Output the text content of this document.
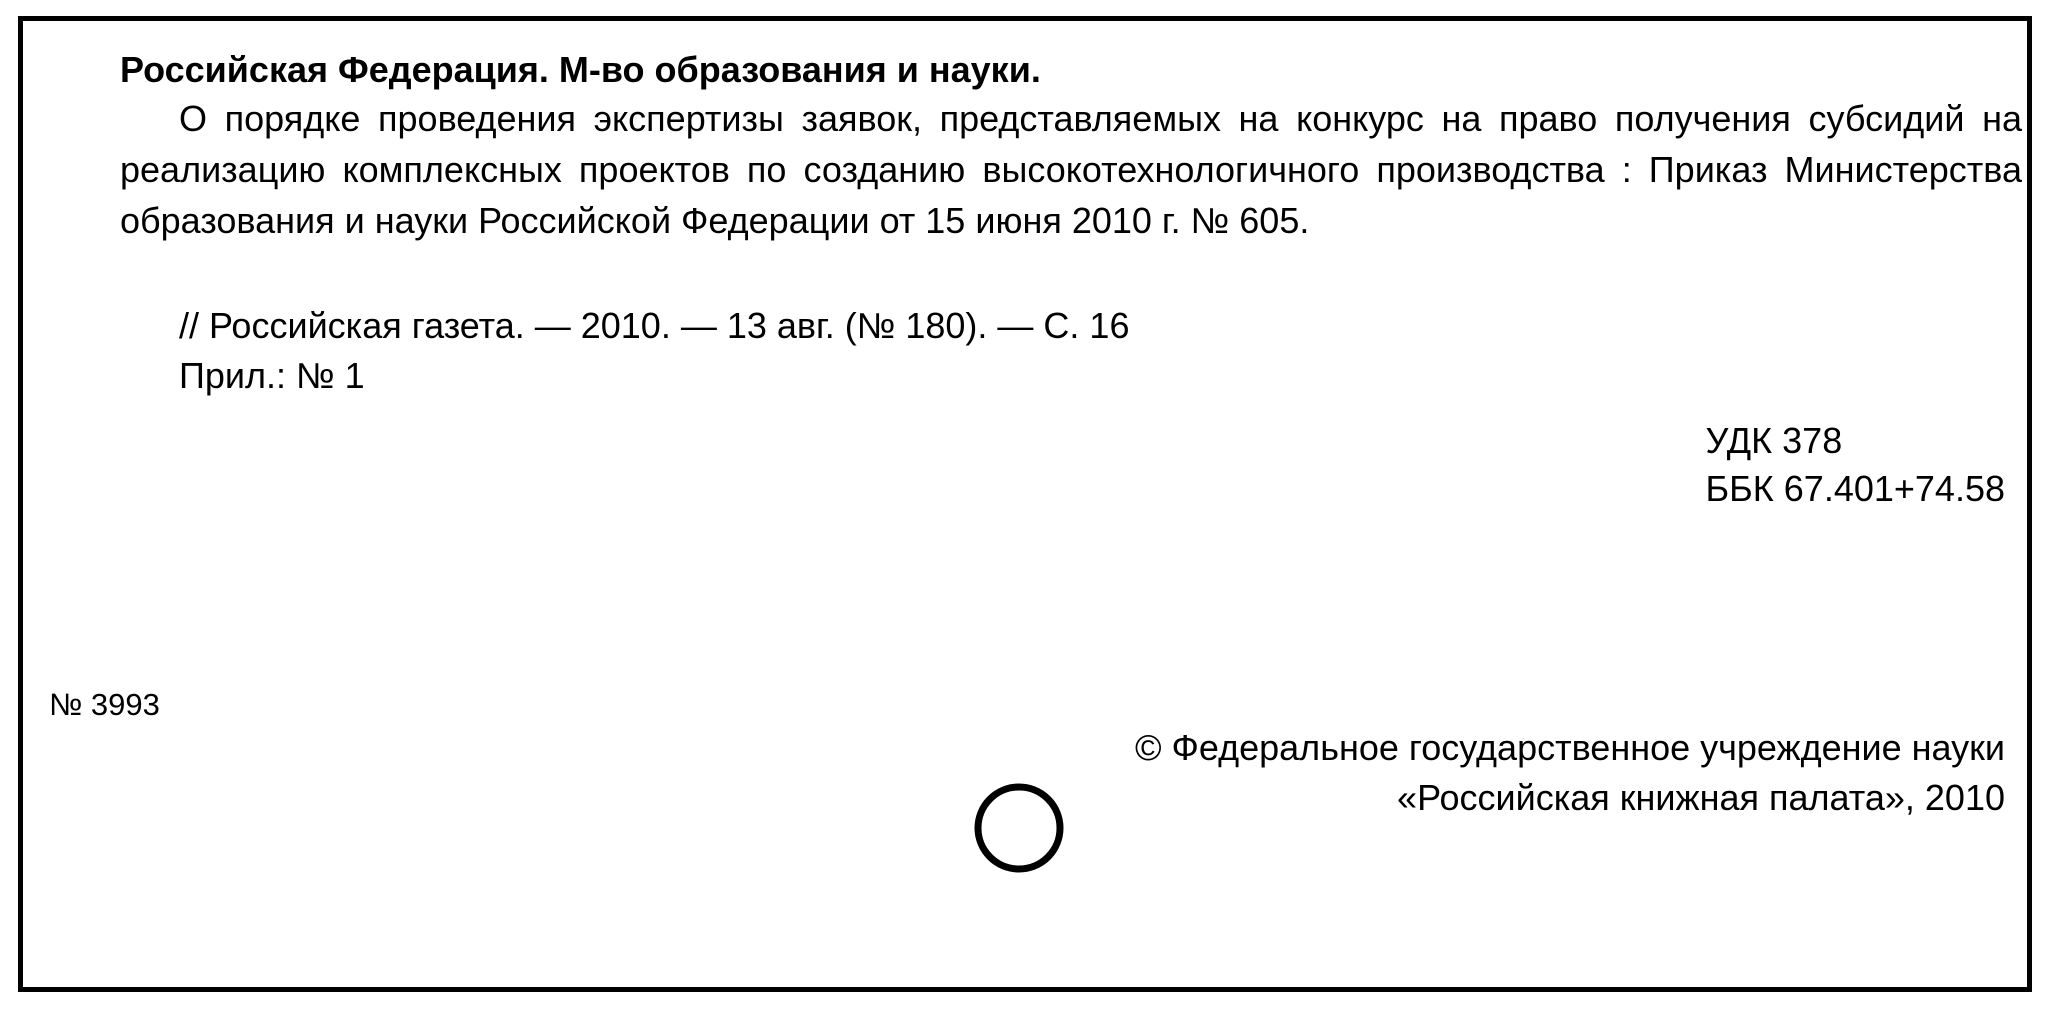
Российская Федерация. М-во образования и науки.
О порядке проведения экспертизы заявок, представляемых на конкурс на право получения субсидий на реализацию комплексных проектов по созданию высокотехнологичного производства : Приказ Министерства образования и науки Российской Федерации от 15 июня 2010 г. № 605.
// Российская газета. — 2010. — 13 авг. (№ 180). — С. 16
Прил.: № 1
УДК 378
ББК 67.401+74.58
№ 3993
© Федеральное государственное учреждение науки
«Российская книжная палата», 2010
